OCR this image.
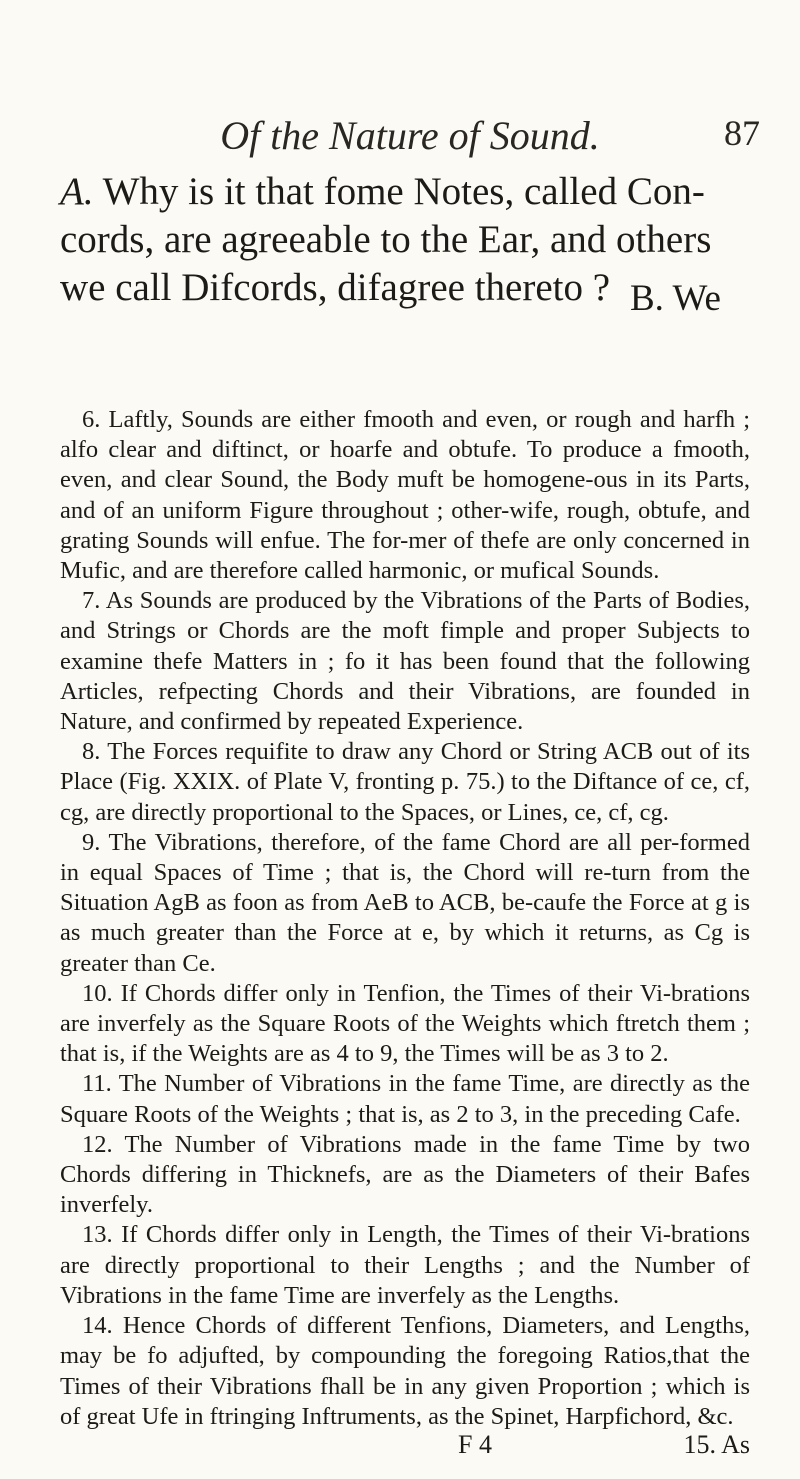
Of the Nature of Sound.	87
A. Why is it that fome Notes, called Con-cords, are agreeable to the Ear, and others we call Difcords, difagree thereto ? B. We

6. Laftly, Sounds are either fmooth and even, or rough and harfh ; alfo clear and diftinct, or hoarfe and obtufe. To produce a fmooth, even, and clear Sound, the Body muft be homogene-ous in its Parts, and of an uniform Figure throughout ; other-wife, rough, obtufe, and grating Sounds will enfue. The for-mer of thefe are only concerned in Mufic, and are therefore called harmonic, or mufical Sounds.

7. As Sounds are produced by the Vibrations of the Parts of Bodies, and Strings or Chords are the moft fimple and proper Subjects to examine thefe Matters in ; fo it has been found that the following Articles, refpecting Chords and their Vibrations, are founded in Nature, and confirmed by repeated Experience.

8. The Forces requifite to draw any Chord or String ACB out of its Place (Fig. XXIX. of Plate V, fronting p. 75.) to the Diftance of ce, cf, cg, are directly proportional to the Spaces, or Lines, ce, cf, cg.

9. The Vibrations, therefore, of the fame Chord are all per-formed in equal Spaces of Time ; that is, the Chord will re-turn from the Situation AgB as foon as from AeB to ACB, be-caufe the Force at g is as much greater than the Force at e, by which it returns, as Cg is greater than Ce.

10. If Chords differ only in Tenfion, the Times of their Vi-brations are inverfely as the Square Roots of the Weights which ftretch them ; that is, if the Weights are as 4 to 9, the Times will be as 3 to 2.

11. The Number of Vibrations in the fame Time, are directly as the Square Roots of the Weights ; that is, as 2 to 3, in the preceding Cafe.

12. The Number of Vibrations made in the fame Time by two Chords differing in Thicknefs, are as the Diameters of their Bafes inverfely.

13. If Chords differ only in Length, the Times of their Vi-brations are directly proportional to their Lengths ; and the Number of Vibrations in the fame Time are inverfely as the Lengths.

14. Hence Chords of different Tenfions, Diameters, and Lengths, may be fo adjufted, by compounding the foregoing Ratios,that the Times of their Vibrations fhall be in any given Proportion ; which is of great Ufe in ftringing Inftruments, as the Spinet, Harpfichord, &c.

F 4	15. As
